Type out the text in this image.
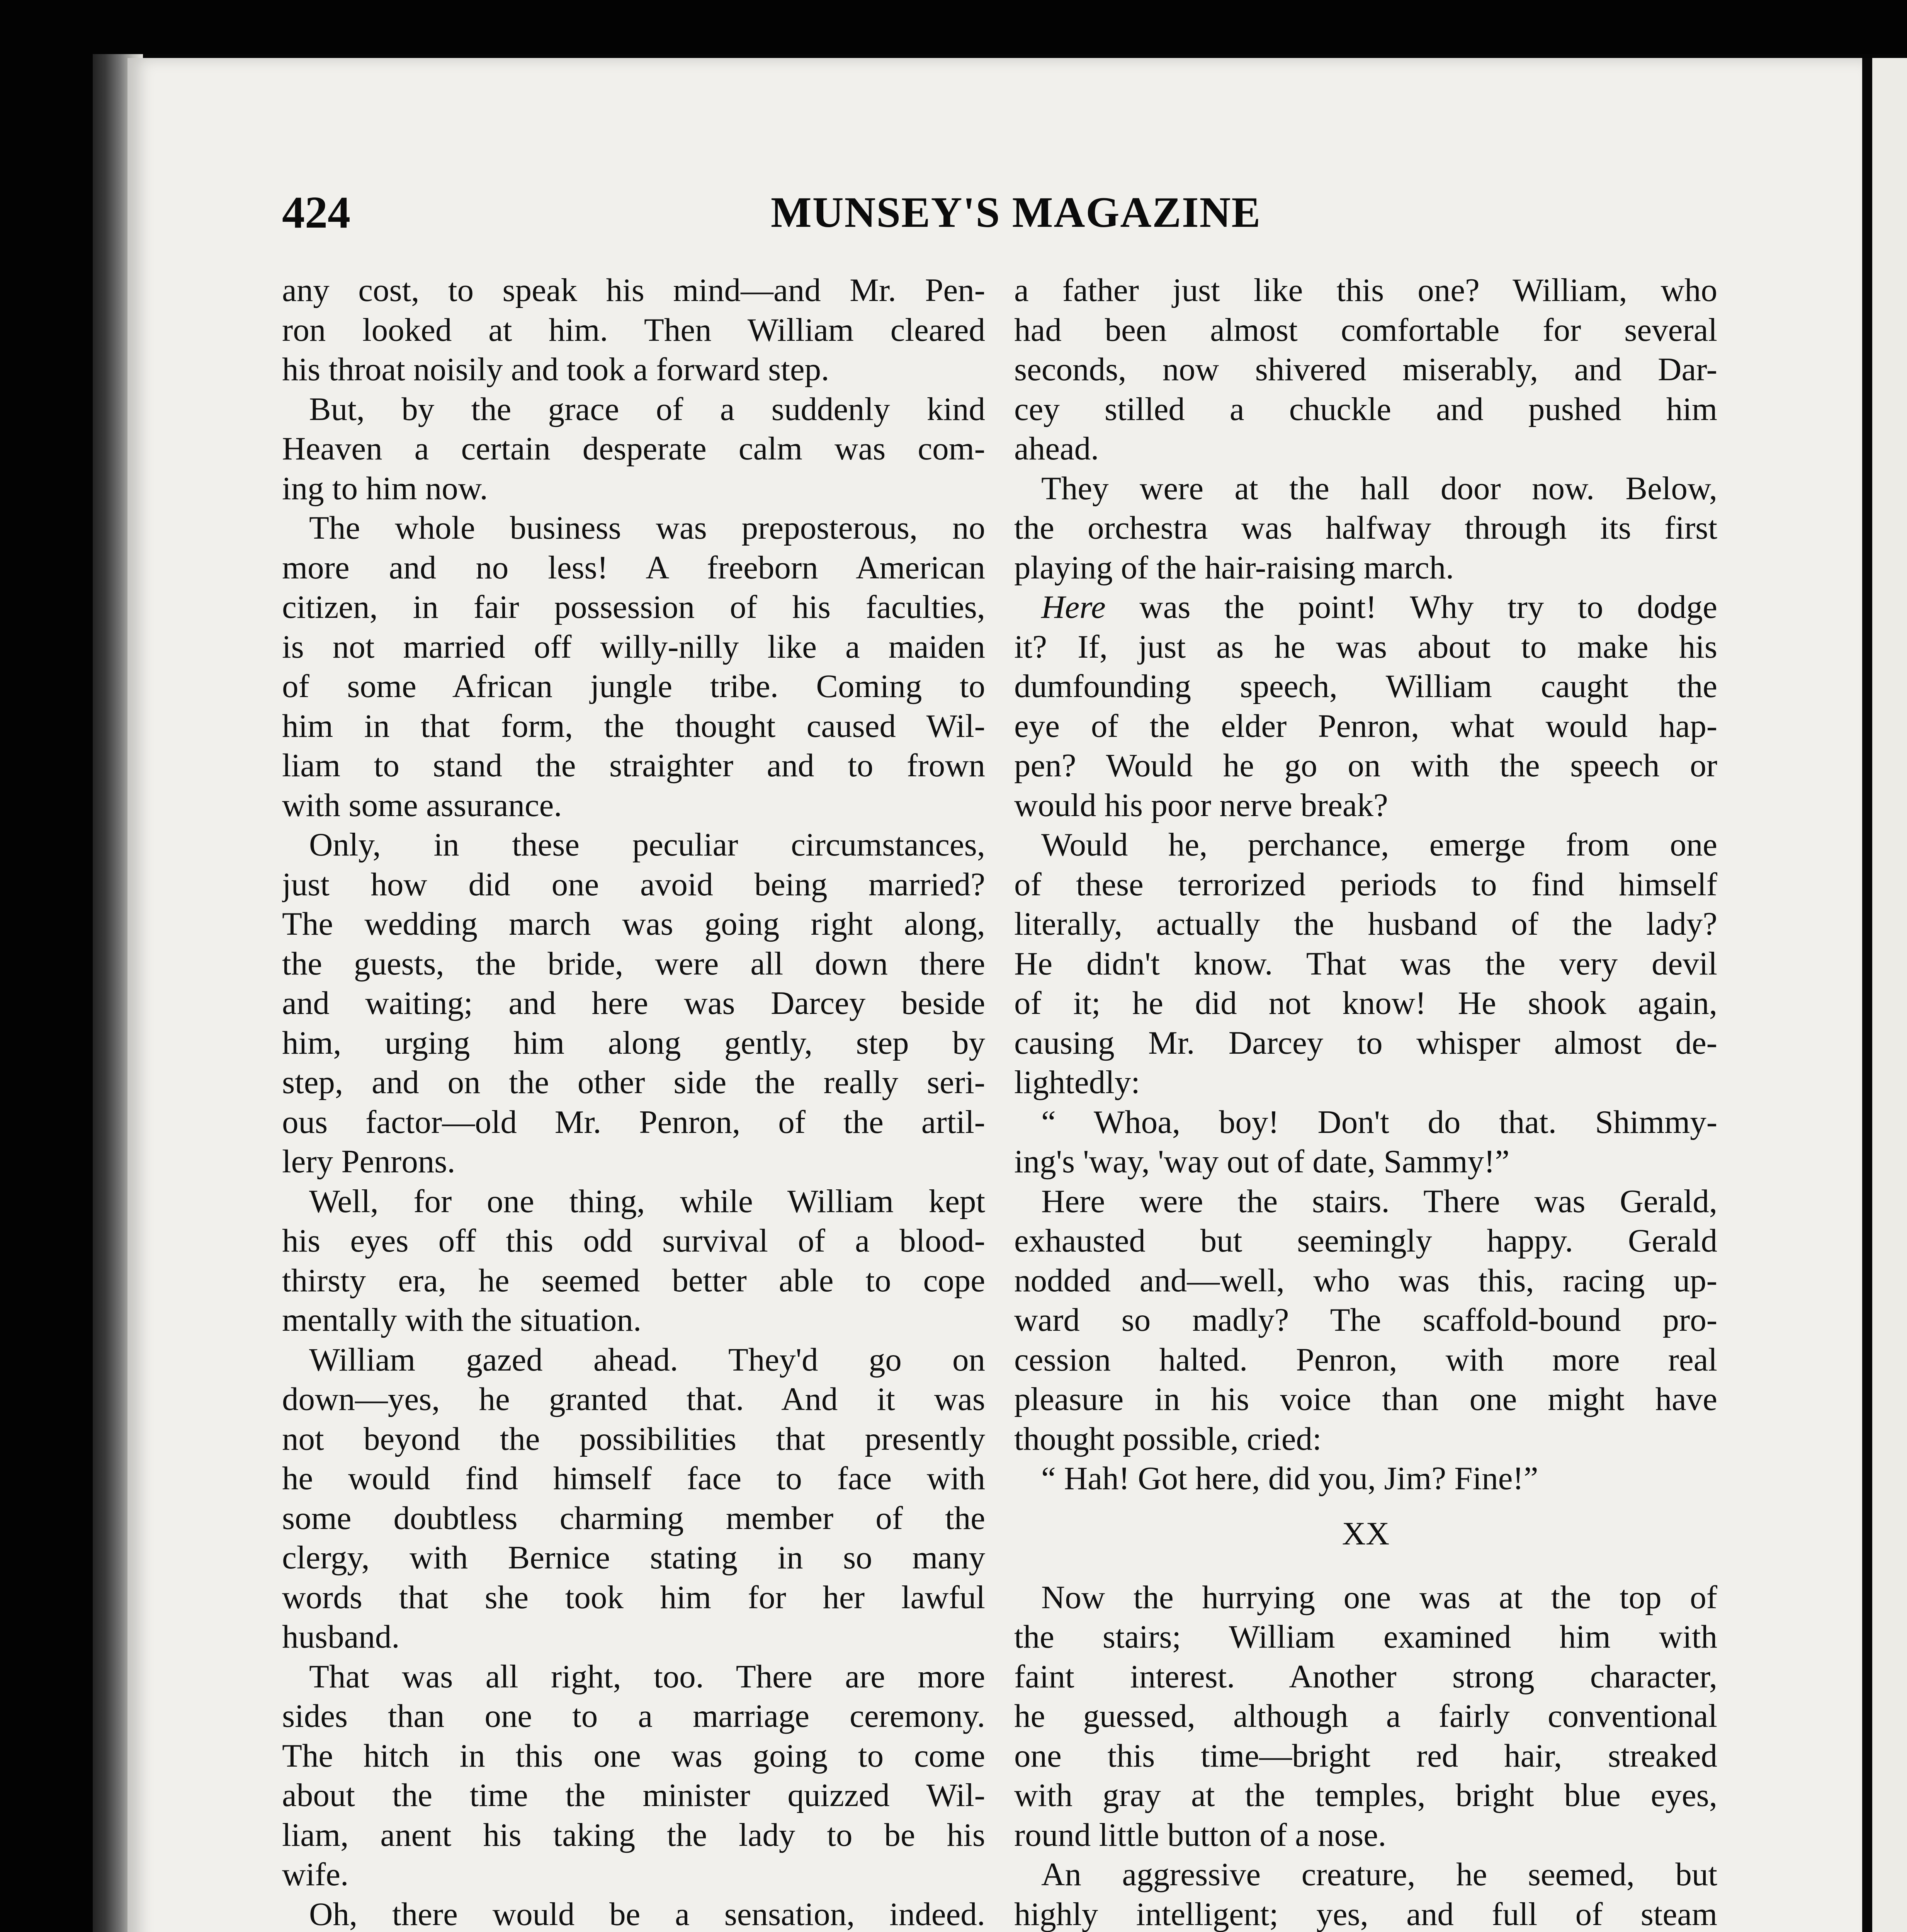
424	MUNSEY'S MAGAZINE
any cost, to speak his mind—and Mr. Pen-
ron looked at him. Then William cleared
his throat noisily and took a forward step.
But, by the grace of a suddenly kind
Heaven a certain desperate calm was com-
ing to him now.
The whole business was preposterous, no
more and no less! A freeborn American
citizen, in fair possession of his faculties,
is not married off willy-nilly like a maiden
of some African jungle tribe. Coming to
him in that form, the thought caused Wil-
liam to stand the straighter and to frown
with some assurance.
Only, in these peculiar circumstances,
just how did one avoid being married?
The wedding march was going right along,
the guests, the bride, were all down there
and waiting; and here was Darcey beside
him, urging him along gently, step by
step, and on the other side the really seri-
ous factor—old Mr. Penron, of the artil-
lery Penrons.
Well, for one thing, while William kept
his eyes off this odd survival of a blood-
thirsty era, he seemed better able to cope
mentally with the situation.
William gazed ahead. They'd go on
down—yes, he granted that. And it was
not beyond the possibilities that presently
he would find himself face to face with
some doubtless charming member of the
clergy, with Bernice stating in so many
words that she took him for her lawful
husband.
That was all right, too. There are more
sides than one to a marriage ceremony.
The hitch in this one was going to come
about the time the minister quizzed Wil-
liam, anent his taking the lady to be his
wife.
Oh, there would be a sensation, indeed.
a father just like this one? William, who
had been almost comfortable for several
seconds, now shivered miserably, and Dar-
cey stilled a chuckle and pushed him
ahead.
They were at the hall door now. Below,
the orchestra was halfway through its first
playing of the hair-raising march.
Here was the point! Why try to dodge
it? If, just as he was about to make his
dumfounding speech, William caught the
eye of the elder Penron, what would hap-
pen? Would he go on with the speech or
would his poor nerve break?
Would he, perchance, emerge from one
of these terrorized periods to find himself
literally, actually the husband of the lady?
He didn't know. That was the very devil
of it; he did not know! He shook again,
causing Mr. Darcey to whisper almost de-
lightedly:
“ Whoa, boy! Don't do that. Shimmy-
ing's 'way, 'way out of date, Sammy!”
Here were the stairs. There was Gerald,
exhausted but seemingly happy. Gerald
nodded and—well, who was this, racing up-
ward so madly? The scaffold-bound pro-
cession halted. Penron, with more real
pleasure in his voice than one might have
thought possible, cried:
“ Hah! Got here, did you, Jim? Fine!”
XX
Now the hurrying one was at the top of
the stairs; William examined him with
faint interest. Another strong character,
he guessed, although a fairly conventional
one this time—bright red hair, streaked
with gray at the temples, bright blue eyes,
round little button of a nose.
An aggressive creature, he seemed, but
highly intelligent; yes, and full of steam
